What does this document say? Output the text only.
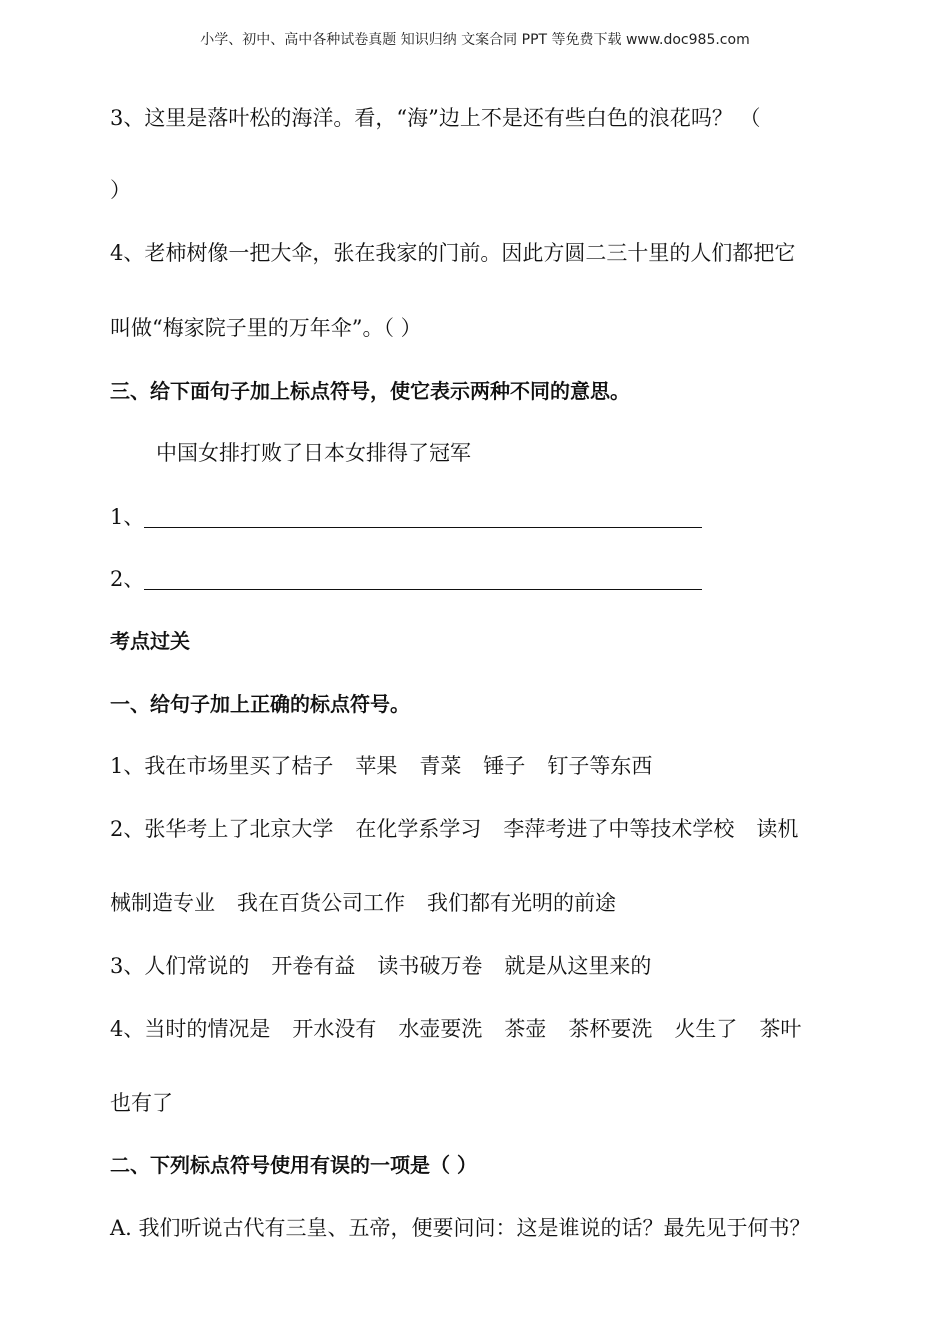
小学、初中、高中各种试卷真题 知识归纳 文案合同 PPT 等免费下载 www.doc985.com
3、这里是落叶松的海洋。看，“海”边上不是还有些白色的浪花吗？ （
）
4、老柿树像一把大伞，张在我家的门前。因此方圆二三十里的人们都把它
叫做“梅家院子里的万年伞”。（ ）
三、给下面句子加上标点符号，使它表示两种不同的意思。
中国女排打败了日本女排得了冠军
1、
2、
考点过关
一、给句子加上正确的标点符号。
1、我在市场里买了桔子 苹果 青菜 锤子 钉子等东西
2、张华考上了北京大学 在化学系学习 李萍考进了中等技术学校 读机
械制造专业 我在百货公司工作 我们都有光明的前途
3、人们常说的 开卷有益 读书破万卷 就是从这里来的
4、当时的情况是 开水没有 水壶要洗 茶壶 茶杯要洗 火生了 茶叶
也有了
二、下列标点符号使用有误的一项是（ ）
A. 我们听说古代有三皇、五帝，便要问问：这是谁说的话？最先见于何书？
